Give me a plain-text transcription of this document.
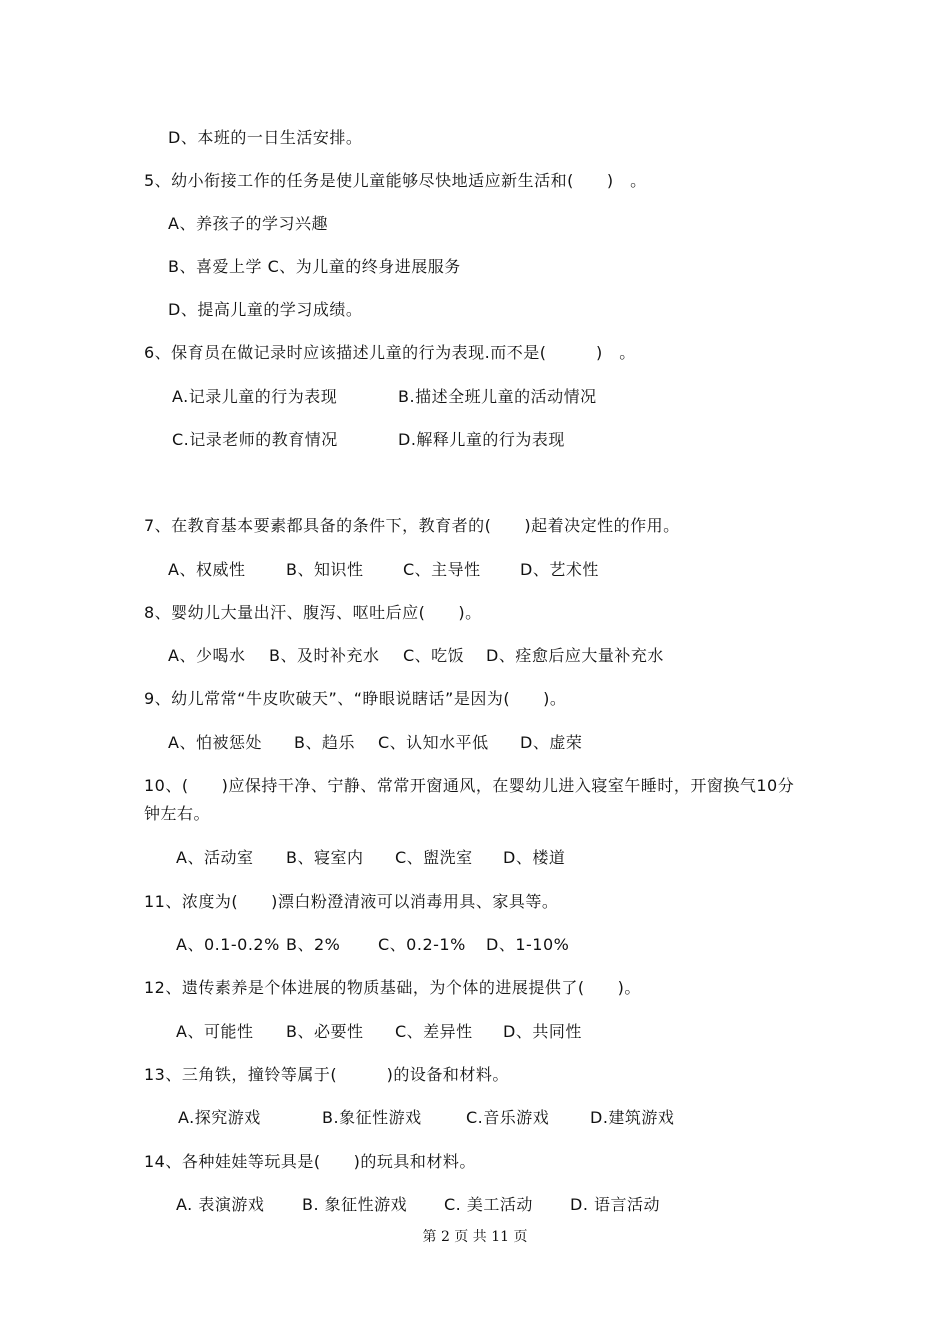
D、本班的一日生活安排。
5、幼小衔接工作的任务是使儿童能够尽快地适应新生活和(　　)　。
A、养孩子的学习兴趣
B、喜爱上学 C、为儿童的终身进展服务
D、提高儿童的学习成绩。
6、保育员在做记录时应该描述儿童的行为表现.而不是(　　　)　。
A.记录儿童的行为表现	B.描述全班儿童的活动情况
C.记录老师的教育情况	D.解释儿童的行为表现
7、在教育基本要素都具备的条件下，教育者的(　　)起着决定性的作用。
A、权威性	B、知识性 C、主导性 D、艺术性
8、婴幼儿大量出汗、腹泻、呕吐后应(　　)。
A、少喝水 B、及时补充水 C、吃饭 D、痊愈后应大量补充水
9、幼儿常常“牛皮吹破天”、“睁眼说瞎话”是因为(　　)。
A、怕被惩处 B、趋乐 C、认知水平低 D、虚荣
10、(　　)应保持干净、宁静、常常开窗通风，在婴幼儿进入寝室午睡时，开窗换气10分
钟左右。
A、活动室 B、寝室内 C、盥洗室 D、楼道
11、浓度为(　　)漂白粉澄清液可以消毒用具、家具等。
A、0.1-0.2% B、2% C、0.2-1% D、1-10%
12、遗传素养是个体进展的物质基础，为个体的进展提供了(　　)。
A、可能性 B、必要性 C、差异性 D、共同性
13、三角铁，撞铃等属于(　　　)的设备和材料。
A.探究游戏	B.象征性游戏	C.音乐游戏	D.建筑游戏
14、各种娃娃等玩具是(　　)的玩具和材料。
A. 表演游戏 B. 象征性游戏 C. 美工活动 D. 语言活动
第 2 页 共 11 页
